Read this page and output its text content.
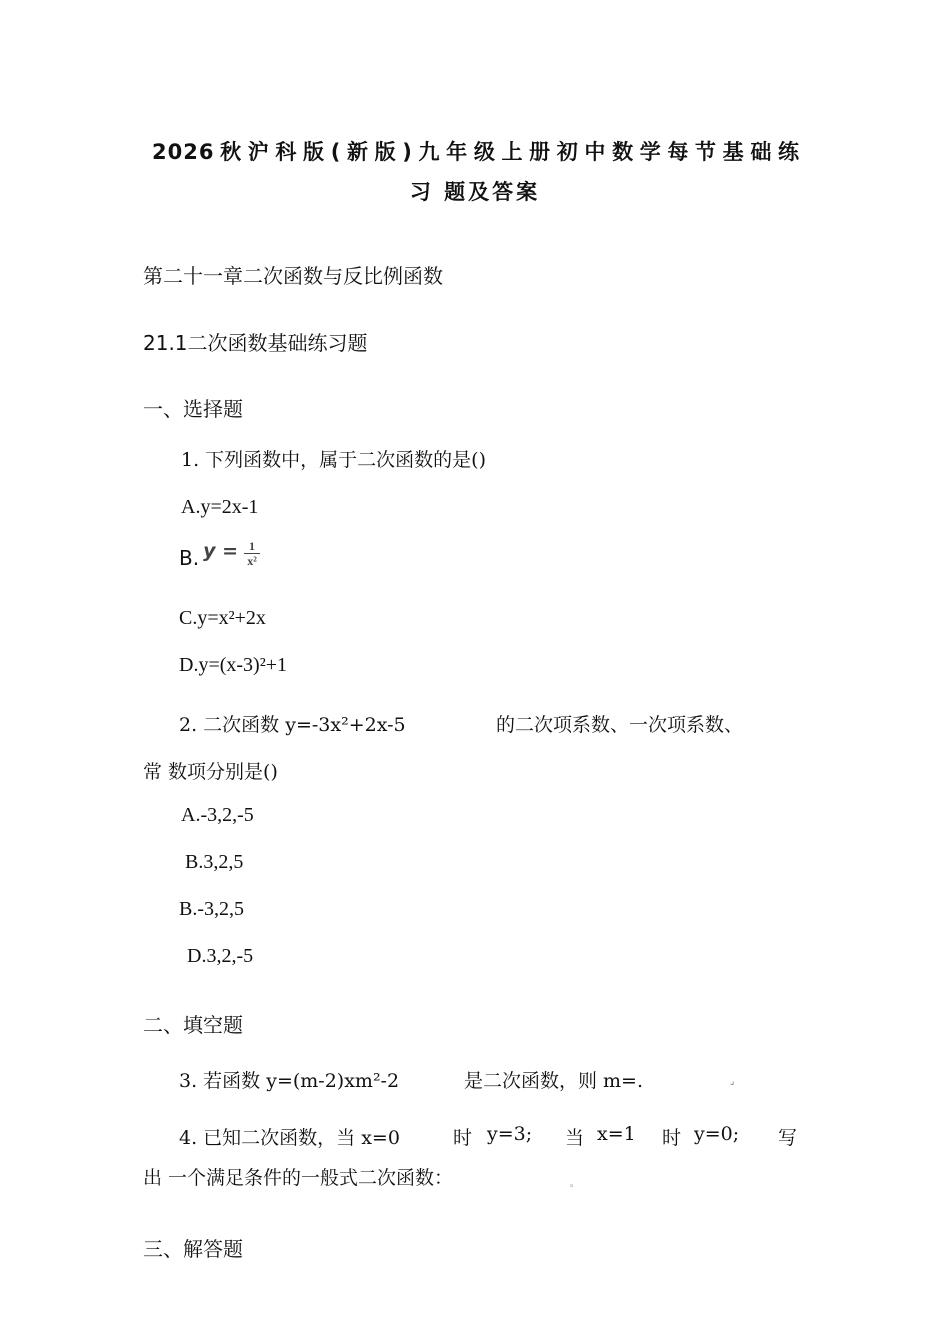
2026秋沪科版(新版)九年级上册初中数学每节基础练
习 题及答案
第二十一章二次函数与反比例函数
21.1二次函数基础练习题
一、选择题
1. 下列函数中，属于二次函数的是()
A.y=2x-1
B. $y = \frac{1}{\text{x²}}$
C.y=x²+2x
D.y=(x-3)²+1
2. 二次函数 y=-3x²+2x-5	的二次项系数、一次项系数、
常 数项分别是()
A.-3,2,-5
B.3,2,5
B.-3,2,5
D.3,2,-5
二、填空题
3. 若函数 y=(m-2)xm²-2	是二次函数，则 m=.	⌟
4. 已知二次函数，当 x=0	时 y=3; 当 x=1 时 y=0; 写
出 一个满足条件的一般式二次函数：	。
三、解答题
